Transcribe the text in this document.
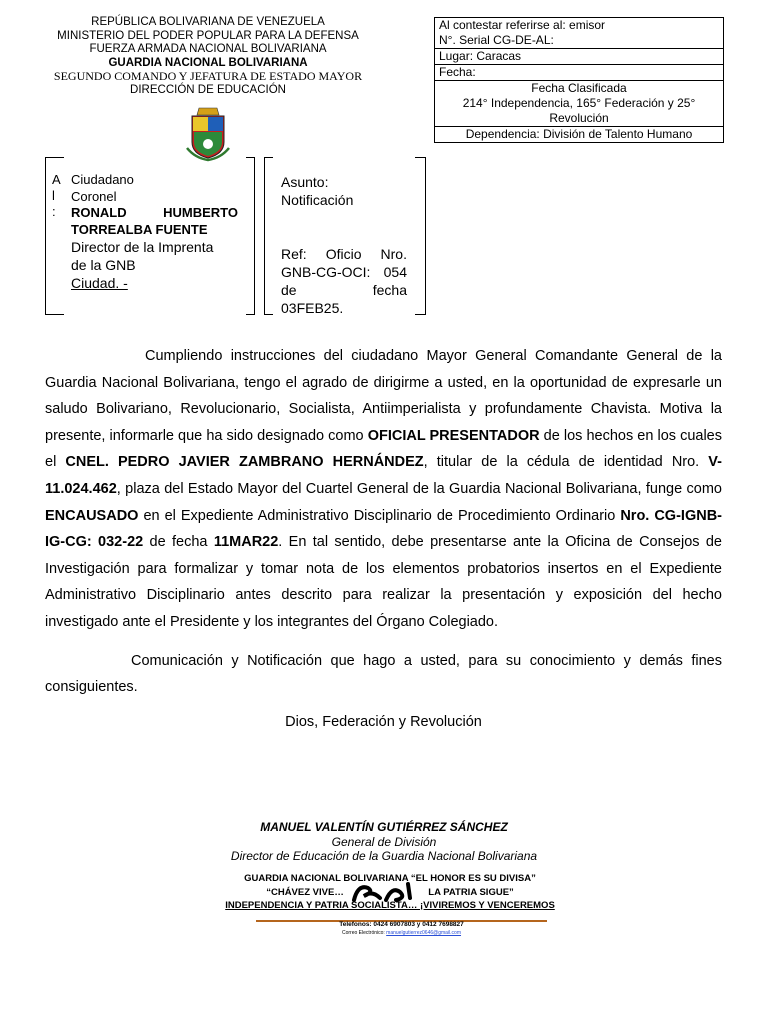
REPÚBLICA BOLIVARIANA DE VENEZUELA
MINISTERIO DEL PODER POPULAR PARA LA DEFENSA
FUERZA ARMADA NACIONAL BOLIVARIANA
GUARDIA NACIONAL BOLIVARIANA
SEGUNDO COMANDO Y JEFATURA DE ESTADO MAYOR
DIRECCIÓN DE EDUCACIÓN
Al contestar referirse al: emisor
N°. Serial CG-DE-AL:
Lugar: Caracas
Fecha:
Fecha Clasificada
214° Independencia, 165° Federación y 25°
Revolución
Dependencia: División de Talento Humano
A
l
:
Ciudadano
Coronel
RONALD	HUMBERTO
TORREALBA FUENTE
Director de la Imprenta
de la GNB
Ciudad. -
Asunto:
Notificación
Ref: Oficio Nro.
GNB-CG-OCI: 054
de fecha
03FEB25.

Cumpliendo instrucciones del ciudadano Mayor General Comandante General de la Guardia Nacional Bolivariana, tengo el agrado de dirigirme a usted, en la oportunidad de expresarle un saludo Bolivariano, Revolucionario, Socialista, Antiimperialista y profundamente Chavista. Motiva la presente, informarle que ha sido designado como OFICIAL PRESENTADOR de los hechos en los cuales el CNEL. PEDRO JAVIER ZAMBRANO HERNÁNDEZ, titular de la cédula de identidad Nro. V-11.024.462, plaza del Estado Mayor del Cuartel General de la Guardia Nacional Bolivariana, funge como ENCAUSADO en el Expediente Administrativo Disciplinario de Procedimiento Ordinario Nro. CG-IGNB-IG-CG: 032-22 de fecha 11MAR22. En tal sentido, debe presentarse ante la Oficina de Consejos de Investigación para formalizar y tomar nota de los elementos probatorios insertos en el Expediente Administrativo Disciplinario antes descrito para realizar la presentación y exposición del hecho investigado ante el Presidente y los integrantes del Órgano Colegiado.

Comunicación y Notificación que hago a usted, para su conocimiento y demás fines consiguientes.

Dios, Federación y Revolución
MANUEL VALENTÍN GUTIÉRREZ SÁNCHEZ
General de División
Director de Educación de la Guardia Nacional Bolivariana
GUARDIA NACIONAL BOLIVARIANA “EL HONOR ES SU DIVISA”
“CHÁVEZ VIVE…                                LA PATRIA SIGUE”
INDEPENDENCIA Y PATRIA SOCIALISTA… ¡VIVIREMOS Y VENCEREMOS
Telefonos: 0424 6907803 y 0412 7698827
Correo Electrónico: manuelgutierrez0646@gmail.com
